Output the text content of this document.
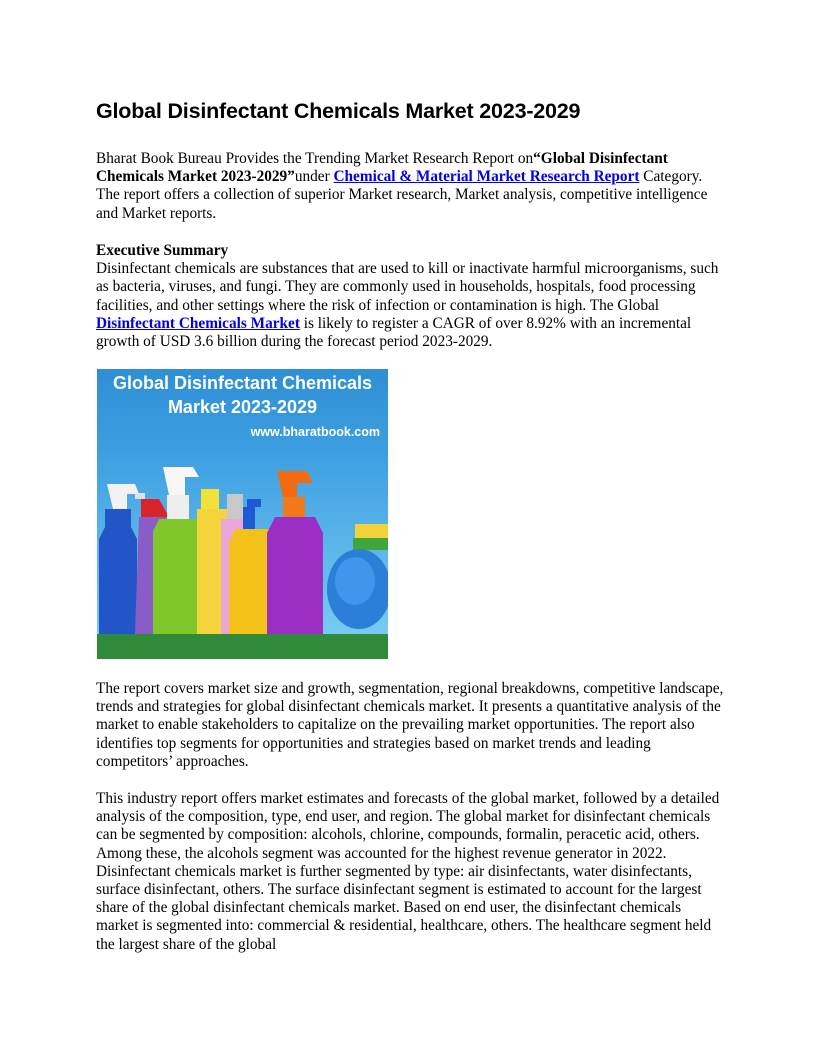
Global Disinfectant Chemicals Market 2023-2029

Bharat Book Bureau Provides the Trending Market Research Report on“Global Disinfectant Chemicals Market 2023-2029”under Chemical & Material Market Research Report Category. The report offers a collection of superior Market research, Market analysis, competitive intelligence and Market reports.

Executive Summary
Disinfectant chemicals are substances that are used to kill or inactivate harmful microorganisms, such as bacteria, viruses, and fungi. They are commonly used in households, hospitals, food processing facilities, and other settings where the risk of infection or contamination is high. The Global Disinfectant Chemicals Market is likely to register a CAGR of over 8.92% with an incremental growth of USD 3.6 billion during the forecast period 2023-2029.

Global Disinfectant Chemicals
Market 2023-2029
www.bharatbook.com

The report covers market size and growth, segmentation, regional breakdowns, competitive landscape, trends and strategies for global disinfectant chemicals market. It presents a quantitative analysis of the market to enable stakeholders to capitalize on the prevailing market opportunities. The report also identifies top segments for opportunities and strategies based on market trends and leading competitors’ approaches.

This industry report offers market estimates and forecasts of the global market, followed by a detailed analysis of the composition, type, end user, and region. The global market for disinfectant chemicals can be segmented by composition: alcohols, chlorine, compounds, formalin, peracetic acid, others. Among these, the alcohols segment was accounted for the highest revenue generator in 2022. Disinfectant chemicals market is further segmented by type: air disinfectants, water disinfectants, surface disinfectant, others. The surface disinfectant segment is estimated to account for the largest share of the global disinfectant chemicals market. Based on end user, the disinfectant chemicals market is segmented into: commercial & residential, healthcare, others. The healthcare segment held the largest share of the global
